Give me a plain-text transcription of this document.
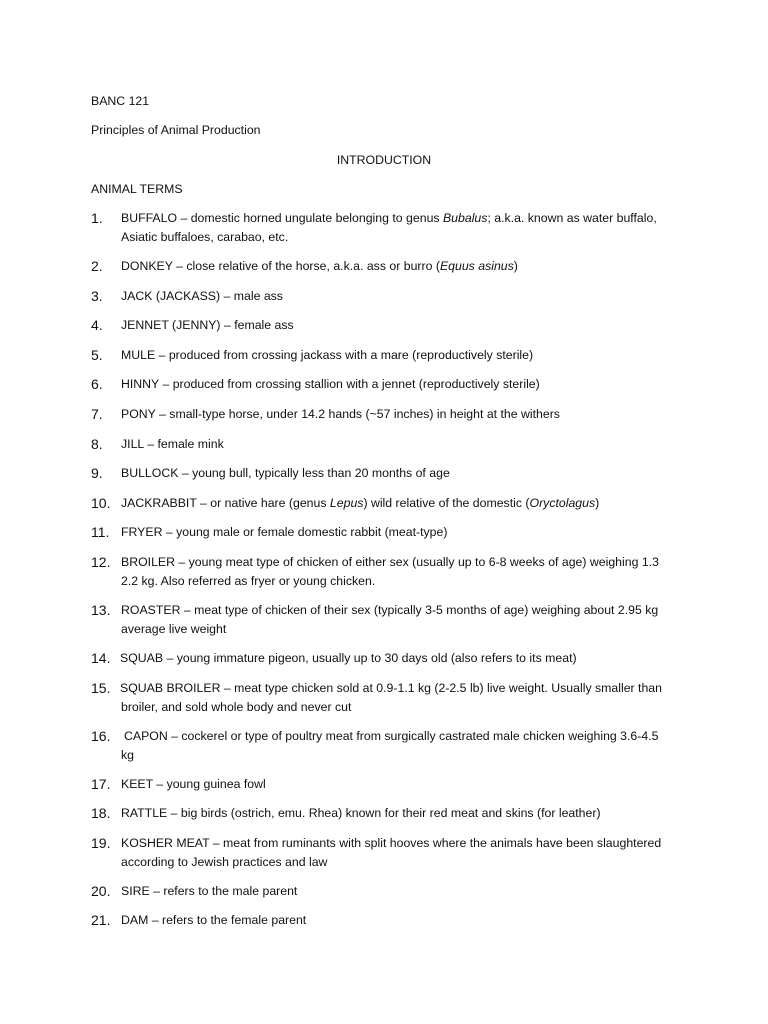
BANC 121
Principles of Animal Production
INTRODUCTION
ANIMAL TERMS
1.	BUFFALO – domestic horned ungulate belonging to genus Bubalus; a.k.a. known as water buffalo,
Asiatic buffaloes, carabao, etc.
2.	DONKEY – close relative of the horse, a.k.a. ass or burro (Equus asinus)
3.	JACK (JACKASS) – male ass
4.	JENNET (JENNY) – female ass
5.	MULE – produced from crossing jackass with a mare (reproductively sterile)
6.	HINNY – produced from crossing stallion with a jennet (reproductively sterile)
7.	PONY – small-type horse, under 14.2 hands (~57 inches) in height at the withers
8.	JILL – female mink
9.	BULLOCK – young bull, typically less than 20 months of age
10. JACKRABBIT – or native hare (genus Lepus) wild relative of the domestic (Oryctolagus)
11. FRYER – young male or female domestic rabbit (meat-type)
12. BROILER – young meat type of chicken of either sex (usually up to 6-8 weeks of age) weighing 1.3
2.2 kg. Also referred as fryer or young chicken.
13. ROASTER – meat type of chicken of their sex (typically 3-5 months of age) weighing about 2.95 kg
average live weight
14. SQUAB – young immature pigeon, usually up to 30 days old (also refers to its meat)
15. SQUAB BROILER – meat type chicken sold at 0.9-1.1 kg (2-2.5 lb) live weight. Usually smaller than
broiler, and sold whole body and never cut
16.	CAPON – cockerel or type of poultry meat from surgically castrated male chicken weighing 3.6-4.5
kg
17. KEET – young guinea fowl
18. RATTLE – big birds (ostrich, emu. Rhea) known for their red meat and skins (for leather)
19. KOSHER MEAT – meat from ruminants with split hooves where the animals have been slaughtered
according to Jewish practices and law
20. SIRE – refers to the male parent
21. DAM – refers to the female parent
